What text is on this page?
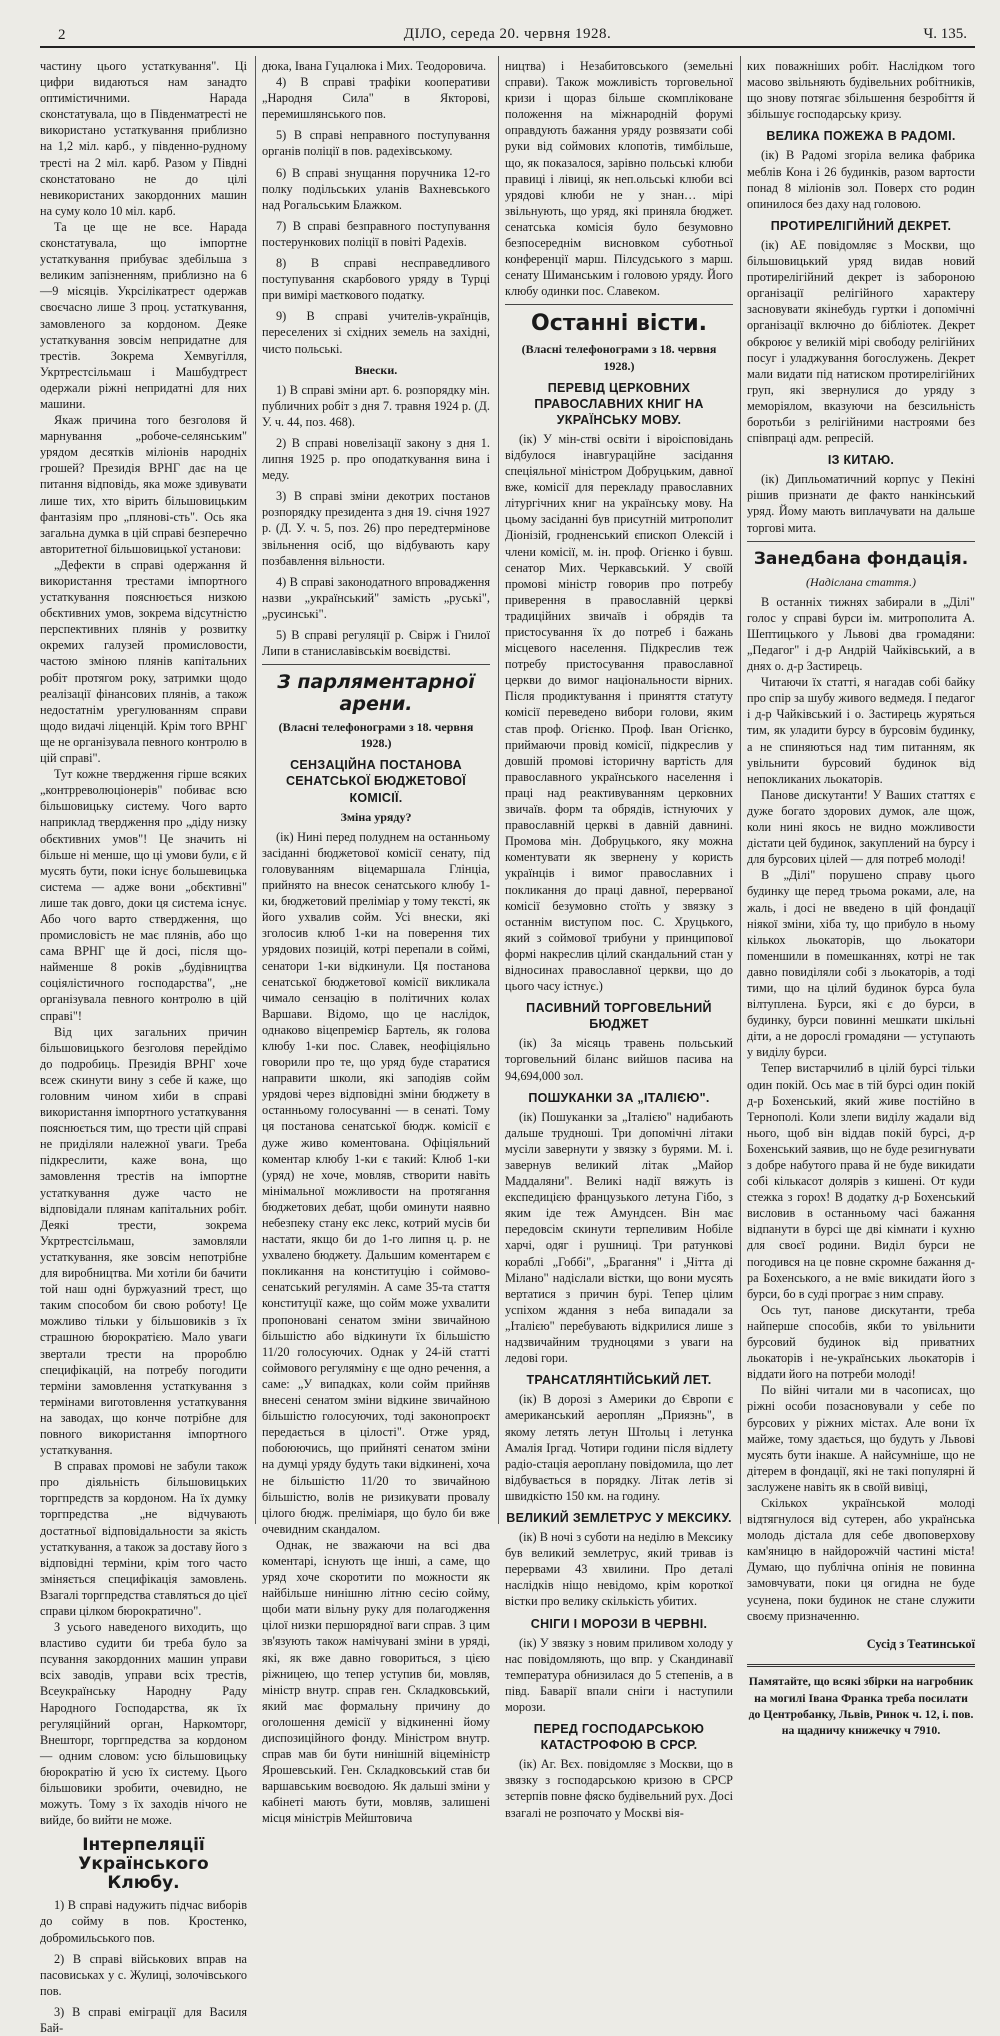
2	ДІЛО, середа 20. червня 1928.	Ч. 135.

частину цього устаткування". Ці цифри видаються нам занадто оптимістичними. Нарада сконстатувала, що в Південматресті не використано устаткування приблизно на 1,2 міл. карб., у південно-рудному тресті на 2 міл. карб. Разом у Півдні сконстатовано не до цілі невикористаних закордонних машин на суму коло 10 міл. карб.

Та це ще не все. Нарада сконстатувала, що імпортне устаткування прибуває здебільша з великим запізненням, приблизно на 6—9 місяців. Укрсілікатрест одержав своєчасно лише 3 проц. устаткування, замовленого за кордоном. Деяке устаткування зовсім непридатне для трестів. Зокрема Хемвугілля, Укртрестсільмаш і Машбудтрест одержали ріжні непридатні для них машини.

Якаж причина того безголовя й марнування „робоче-селянським" урядом десятків міліонів народніх грошей? Президія ВРНГ дає на це питання відповідь, яка може здивувати лише тих, хто вірить більшовицьким фантазіям про „плянові-сть". Ось яка загальна думка в цій справі безперечно авторитетної більшовицької установи:

„Дефекти в справі одержання й використання трестами імпортного устаткування пояснюється низкою обєктивних умов, зокрема відсутністю перспективних плянів у розвитку окремих галузей промисловости, частою зміною плянів капітальних робіт протягом року, затримки щодо реалізації фінансових плянів, а також недостатнім урегулюванням справи щодо видачі ліценцій. Крім того ВРНГ ще не організувала певного контролю в цій справі".

Тут кожне твердження гірше всяких „контрреволюціонерів" побиває всю більшовицьку систему. Чого варто наприклад твердження про „діду низку обєктивних умов"! Це значить ні більше ні менше, що ці умови були, є й мусять бути, поки існує большевицька система — адже вони „обєктивні" лише так довго, доки ця система існує. Або чого варто ствердження, що промисловість не має плянів, або що сама ВРНГ ще й досі, після що-найменше 8 років „будівництва соціялістичного господарства", „не організувала певного контролю в цій справі"!

Від цих загальних причин більшовицького безголовя перейдімо до подробиць. Президія ВРНГ хоче всеж скинути вину з себе й каже, що головним чином хиби в справі використання імпортного устаткування пояснюється тим, що трести цій справі не приділяли належної уваги. Треба підкреслити, каже вона, що замовлення трестів на імпортне устаткування дуже часто не відповідали плянам капітальних робіт. Деякі трести, зокрема Укртрестсільмаш, замовляли устаткування, яке зовсім непотрібне для виробництва. Ми хотіли би бачити той наш одні буржуазний трест, що таким способом би свою роботу! Це можливо тільки у більшовиків з їх страшною бюрократією. Мало уваги звертали трести на пророблю специфікацій, на потребу погодити терміни замовлення устаткування з термінами виготовлення устаткування на заводах, що конче потрібне для повного використання імпортного устаткування.

В справах промові не забули також про діяльність більшовицьких торгпредств за кордоном. На їх думку торгпредства „не відчувають достатньої відповідальности за якість устаткування, а також за доставу його з відповідні терміни, крім того часто зміняється специфікація замовлень. Взагалі торгпредства ставляться до цієї справи цілком бюрократично".

З усього наведеного виходить, що властиво судити би треба було за псування закордонних машин управи всіх заводів, управи всіх трестів, Всеукраїнську Народну Раду Народного Господарства, як їх регуляційний орган, Наркомторг, Внешторг, торгпредства за кордоном — одним словом: усю більшовицьку бюрократію й усю їх систему. Цього більшовики зробити, очевидно, не можуть. Тому з їх заходів нічого не вийде, бо вийти не може.

Інтерпеляції Українського Клюбу.

1) В справі надужить підчас виборів до сойму в пов. Кростенко, добромильського пов.

2) В справі військових вправ на пасовиськах у с. Жулиці, золочівського пов.

3) В справі еміграції для Василя Бай-

дюка, Івана Гуцалюка і Мих. Теодоровича.

4) В справі трафіки кооперативи „Народня Сила" в Якторові, перемишлянського пов.

5) В справі неправного поступування органів поліції в пов. радехівському.

6) В справі знущання поручника 12-го полку подільських уланів Вахневського над Рогальським Блажком.

7) В справі безправного поступування постерункових поліції в повіті Радехів.

8) В справі несправедливого поступування скарбового уряду в Турці при вимірі маєткового податку.

9) В справі учителів-українців, переселених зі східних земель на західні, чисто польські.

Внески.

1) В справі зміни арт. 6. розпорядку мін. публичних робіт з дня 7. травня 1924 р. (Д. У. ч. 44, поз. 468).

2) В справі новелізації закону з дня 1. липня 1925 р. про оподаткування вина і меду.

3) В справі зміни декотрих постанов розпорядку президента з дня 19. січня 1927 р. (Д. У. ч. 5, поз. 26) про передтермінове звільнення осіб, що відбувають кару позбавлення вільности.

4) В справі законодатного впровадження назви „український" замість „руські", „русинські".

5) В справі регуляції р. Свірж і Гнилої Липи в станиславівськім воєвідстві.

З парляментарної арени.
(Власні телефонограми з 18. червня 1928.)
СЕНЗАЦІЙНА ПОСТАНОВА СЕНАТСЬКОЇ БЮДЖЕТОВОЇ КОМІСІЇ.
Зміна уряду?

(ік) Нині перед полуднем на останньому засіданні бюджетової комісії сенату, під головуванням віцемаршала Глінціа, прийнято на внесок сенатського клюбу 1-ки, бюджетовий преліміар у тому тексті, як його ухвалив сойм. Усі внески, які зголосив клюб 1-ки на поверення тих урядових позицій, котрі перепали в соймі, сенатори 1-ки відкинули. Ця постанова сенатської бюджетової комісії викликала чимало сензацію в політичних колах Варшави. Відомо, що це наслідок, однаково віцепремієр Бартель, як голова клюбу 1-ки пос. Славек, неофіціяльно говорили про те, що уряд буде старатися направити школи, які заподіяв сойм урядові через відповідні зміни бюджету в останньому голосуванні — в сенаті. Тому ця постанова сенатської бюдж. комісії є дуже живо коментована. Офіціяльний коментар клюбу 1-ки є такий: Клюб 1-ки (уряд) не хоче, мовляв, створити навіть мінімальної можливости на протягання бюджетових дебат, щоби оминути наявно небезпеку стану екс лекс, котрий мусів би настати, якщо би до 1-го липня ц. р. не ухвалено бюджету. Дальшим коментарем є покликання на конституцію і соймово-сенатський регулямін. А саме 35-та стаття конституції каже, що сойм може ухвалити пропоновані сенатом зміни звичайною більшістю або відкинути їх більшістю 11/20 голосуючих. Однак у 24-ій статті соймового регуляміну є ще одно речення, а саме: „У випадках, коли сойм прийняв внесені сенатом зміни відкине звичайною більшістю голосуючих, тоді законопроєкт передається в цілості". Отже уряд, побоюючись, що прийняті сенатом зміни на думці уряду будуть таки відкинені, хоча не більшістю 11/20 то звичайною більшістю, волів не ризикувати провалу цілого бюдж. преліміаря, що було би вже очевидним скандалом.

Однак, не зважаючи на всі два коментарі, існують ще інші, а саме, що уряд хоче скоротити по можности як найбільше нинішню літню сесію сойму, щоби мати вільну руку для полагодження цілої низки першорядної ваги справ. З цим зв'язують також намічувані зміни в уряді, які, як вже давно говориться, з цією ріжницею, що тепер уступив би, мовляв, міністр внутр. справ ген. Складковський, який має формальну причину до оголошення демісії у відкиненні йому диспозиційного фонду. Міністром внутр. справ мав би бути нинішній віцеміністр Ярошевський. Ген. Складковський став би варшавським воєводою. Як дальші зміни у кабінеті мають бути, мовляв, залишені місця міністрів Мейштовича

ництва) і Незабитовського (земельні справи). Також можливість торговельної кризи і щораз більше скомпліковане положення на міжнародній форумі оправдують бажання уряду розвязати собі руки від соймових клопотів, тимбільше, що, як показалося, зарівно польські клюби правиці і лівиці, як неп.ольські клюби всі урядові клюби не у знан… мірі звільнують, що уряд, які приняла бюджет. сенатська комісія було безумовно безпосереднім висновком суботньої конференції марш. Пілсудського з марш. сенату Шиманським і головою уряду. Його клюбу одинки пос. Славеком.

Останні вісти.
(Власні телефонограми з 18. червня 1928.)
ПЕРЕВІД ЦЕРКОВНИХ ПРАВОСЛАВНИХ КНИГ НА УКРАЇНСЬКУ МОВУ.

(ік) У мін-стві освіти і віроісповідань відбулося інавгураційне засідання спеціяльної міністром Добруцьким, давної вже, комісії для перекладу православних літургічних книг на українську мову. На цьому засіданні був присутній митрополит Діонізій, гродненський єпископ Олексій і члени комісії, м. ін. проф. Огієнко і бувш. сенатор Мих. Черкавський. У своїй промові міністр говорив про потребу приверення в православній церкві традиційних звичаїв і обрядів та пристосування їх до потреб і бажань місцевого населення. Підкреслив теж потребу пристосування православної церкви до вимог національности вірних. Після продиктування і приняття статуту комісії переведено вибори голови, яким став проф. Огієнко. Проф. Іван Огієнко, приймаючи провід комісії, підкреслив у довшій промові історичну вартість для православного українського населення і праці над реактивуванням церковних звичаїв. форм та обрядів, істнуючих у православній церкві в давній давнині. Промова мін. Добруцького, яку можна коментувати як звернену у користь українців і вимог православних і покликання до праці давної, перерваної комісії безумовно стоїть у звязку з останнім виступом пос. С. Хруцького, який з соймової трибуни у принципової формі накреслив цілий скандальний стан у відносинах православної церкви, що до цього часу істнує.)

ПАСИВНИЙ ТОРГОВЕЛЬНИЙ БЮДЖЕТ

(ік) За місяць травень польський торговельний біланс вийшов пасива на 94,694,000 зол.

ПОШУКАНКИ ЗА „ІТАЛІЄЮ".

(ік) Пошуканки за „Італією" надибають дальше трудноші. Три допомічні літаки мусіли завернути у звязку з бурями. М. і. завернув великий літак „Майор Маддаляни". Великі надії вяжуть із експедицією французького летуна Гібо, з яким іде теж Амундсен. Він має передовсім скинути терпеливим Нобіле харчі, одяг і рушниці. Три ратункові кораблі „Гоббі", „Брагання" і „Чітта ді Мілано" надіслали вістки, що вони мусять вертатися з причин бурі. Тепер цілим успіхом ждання з неба випадали за „Італією" перебувають відкрилися лише з надзвичайним трудноцями з уваги на ледові гори.

ТРАНСАТЛЯНТІЙСЬКИЙ ЛЕТ.

(ік) В дорозі з Америки до Європи є американський аероплян „Приязнь", в якому летять летун Штольц і летунка Амалія Іргад. Чотири години після відлету радіо-стація аероплану повідомила, що лет відбувається в порядку. Літак летів зі швидкістю 150 км. на годину.

ВЕЛИКИЙ ЗЕМЛЕТРУС У МЕКСИКУ.

(ік) В ночі з суботи на неділю в Мексику був великий землетрус, який тривав із перервами 43 хвилини. Про деталі наслідків ніщо невідомо, крім короткої вістки про велику скількість убитих.

СНІГИ І МОРОЗИ В ЧЕРВНІ.

(ік) У звязку з новим приливом холоду у нас повідомляють, що впр. у Скандинавії температура обнизилася до 5 степенів, а в півд. Баварії впали сніги і наступили морози.

ПЕРЕД ГОСПОДАРСЬКОЮ КАТАСТРОФОЮ В СРСР.

(ік) Аг. Вєх. повідомляє з Москви, що в звязку з господарською кризою в СРСР зєтерпів повне фяско будівельний рух. Досі взагалі не розпочато у Москві вія-

ких поважніших робіт. Наслідком того масово звільняють будівельних робітників, що знову потягає збільшення безробіття й збільшує господарську кризу.

ВЕЛИКА ПОЖЕЖА В РАДОМІ.

(ік) В Радомі згоріла велика фабрика меблів Кона і 26 будинків, разом вартости понад 8 міліонів зол. Поверх сто родин опинилося без даху над головою.

ПРОТИРЕЛІГІЙНИЙ ДЕКРЕТ.

(ік) АЕ повідомляє з Москви, що більшовицький уряд видав новий протирелігійний декрет із забороною організації релігійного характеру засновувати якінебудь гуртки і допомічні організації включно до бібліотек. Декрет обкроює у великій мірі свободу релігійних посуг і уладжування богослужень. Декрет мали видати під натиском протирелігійних груп, які звернулися до уряду з меморіялом, вказуючи на безсильність боротьби з релігійними настроями без співпраці адм. репресій.

ІЗ КИТАЮ.

(ік) Дипльоматичний корпус у Пекіні рішив признати де факто нанкінський уряд. Йому мають виплачувати на дальше торгові мита.

Занедбана фондація.
(Надіслана стаття.)

В останніх тижнях забирали в „Ділі" голос у справі бурси ім. митрополита А. Шептицького у Львові два громадяни: „Педагог" і д-р Андрій Чайківський, а в днях о. д-р Застирець.

Читаючи їх статті, я нагадав собі байку про спір за шубу живого ведмедя. І педагог і д-р Чайківський і о. Застирець журяться тим, як уладити бурсу в бурсовім будинку, а не спиняються над тим питанням, як увільнити бурсовий будинок від непокликаних льокаторів.

Панове дискутанти! У Ваших статтях є дуже богато здорових думок, але щож, коли нині якось не видно можливости дістати цей будинок, закуплений на бурсу і для бурсових цілей — для потреб молоді!

В „Ділі" порушено справу цього будинку ще перед трьома роками, але, на жаль, і досі не введено в цій фондації ніякої зміни, хіба ту, що прибуло в ньому кількох льокаторів, що льокатори поменшили в помешканнях, котрі не так давно повиділяли собі з льокаторів, а тоді тими, що на цілий будинок бурса була вілтуплена. Бурси, які є до бурси, в будинку, бурси повинні мешкати шкільні діти, а не дорослі громадяни — уступають у виділу бурси.

Тепер вистарчилиб в цілій бурсі тільки один покій. Ось має в тій бурсі один покій д-р Бохенський, який живе постійно в Тернополі. Коли злепи виділу жадали від нього, щоб він віддав покій бурсі, д-р Бохенський заявив, що не буде резигнувати з добре набутого права й не буде викидати собі кількасот долярів з кишені. От куди стежка з горох! В додатку д-р Бохенський висловив в останньому часі бажання відпанути в бурсі ще дві кімнати і кухню для своєї родини. Виділ бурси не погодився на це повне скромне бажання д-ра Бохенського, а не вміє викидати його з бурси, бо в суді програє з ним справу.

Ось тут, панове дискутанти, треба найперше способів, якби то увільнити бурсовий будинок від приватних льокаторів і не-українських льокаторів і віддати його на потреби молоді!

По війні читали ми в часописах, що ріжні особи позасновували у себе по бурсових у ріжних містах. Але вони їх майже, тому здається, що будуть у Львові мусять бути інакше. А найсумніше, що не дітерем в фондації, які не такі популярні й заслужене навіть як в своїй вивіці,

Скількох українськой молоді відтягнулося від сутерен, або українська молодь дістала для себе двоповерхову кам'яницю в найдорожчій частині міста! Думаю, що публічна опінія не повинна замовчувати, поки ця огидна не буде усунена, поки будинок не стане служити своєму призначенню.

Сусід з Театинської

Памятайте, що всякі збірки на нагробник на могилі Івана Франка треба посилати до Центробанку, Львів, Ринок ч. 12, і. пов. на щадничу книжечку ч 7910.
